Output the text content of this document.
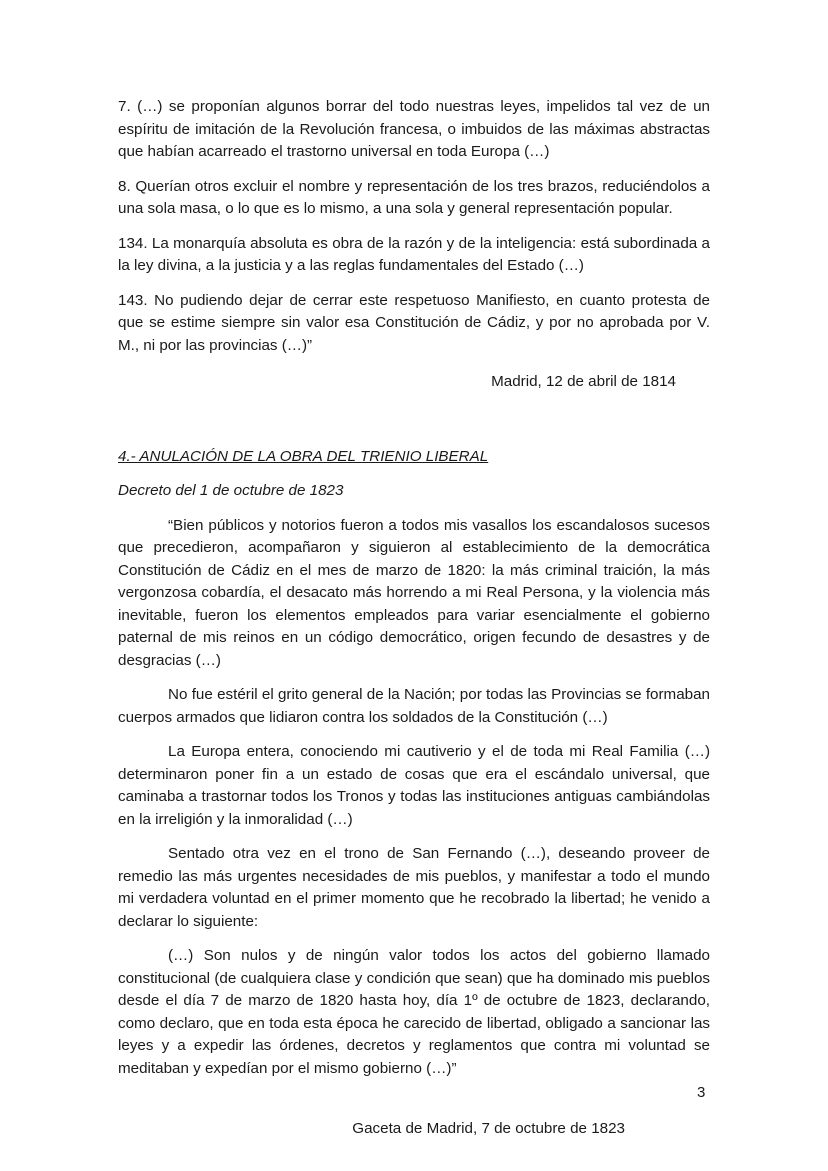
7. (…) se proponían algunos borrar del todo nuestras leyes, impelidos tal vez de un espíritu de imitación de la Revolución francesa, o imbuidos de las máximas abstractas que habían acarreado el trastorno universal en toda Europa (…)

8. Querían otros excluir el nombre y representación de los tres brazos, reduciéndolos a una sola masa, o lo que es lo mismo, a una sola y general representación popular.

134. La monarquía absoluta es obra de la razón y de la inteligencia: está subordinada a la ley divina, a la justicia y a las reglas fundamentales del Estado (…)

143. No pudiendo dejar de cerrar este respetuoso Manifiesto, en cuanto protesta de que se estime siempre sin valor esa Constitución de Cádiz, y por no aprobada por V. M., ni por las provincias (…)”

Madrid, 12 de abril de 1814

4.- ANULACIÓN DE LA OBRA DEL TRIENIO LIBERAL

Decreto del 1 de octubre de 1823

“Bien públicos y notorios fueron a todos mis vasallos los escandalosos sucesos que precedieron, acompañaron y siguieron al establecimiento de la democrática Constitución de Cádiz en el mes de marzo de 1820: la más criminal traición, la más vergonzosa cobardía, el desacato más horrendo a mi Real Persona, y la violencia más inevitable, fueron los elementos empleados para variar esencialmente el gobierno paternal de mis reinos en un código democrático, origen fecundo de desastres y de desgracias (…)

No fue estéril el grito general de la Nación; por todas las Provincias se formaban cuerpos armados que lidiaron contra los soldados de la Constitución (…)

La Europa entera, conociendo mi cautiverio y el de toda mi Real Familia (…) determinaron poner fin a un estado de cosas que era el escándalo universal, que caminaba a trastornar todos los Tronos y todas las instituciones antiguas cambiándolas en la irreligión y la inmoralidad (…)

Sentado otra vez en el trono de San Fernando (…), deseando proveer de remedio las más urgentes necesidades de mis pueblos, y manifestar a todo el mundo mi verdadera voluntad en el primer momento que he recobrado la libertad; he venido a declarar lo siguiente:

(…) Son nulos y de ningún valor todos los actos del gobierno llamado constitucional (de cualquiera clase y condición que sean) que ha dominado mis pueblos desde el día 7 de marzo de 1820 hasta hoy, día 1º de octubre de 1823, declarando, como declaro, que en toda esta época he carecido de libertad, obligado a sancionar las leyes y a expedir las órdenes, decretos y reglamentos que contra mi voluntad se meditaban y expedían por el mismo gobierno (…)”

Gaceta de Madrid, 7 de octubre de 1823

3
